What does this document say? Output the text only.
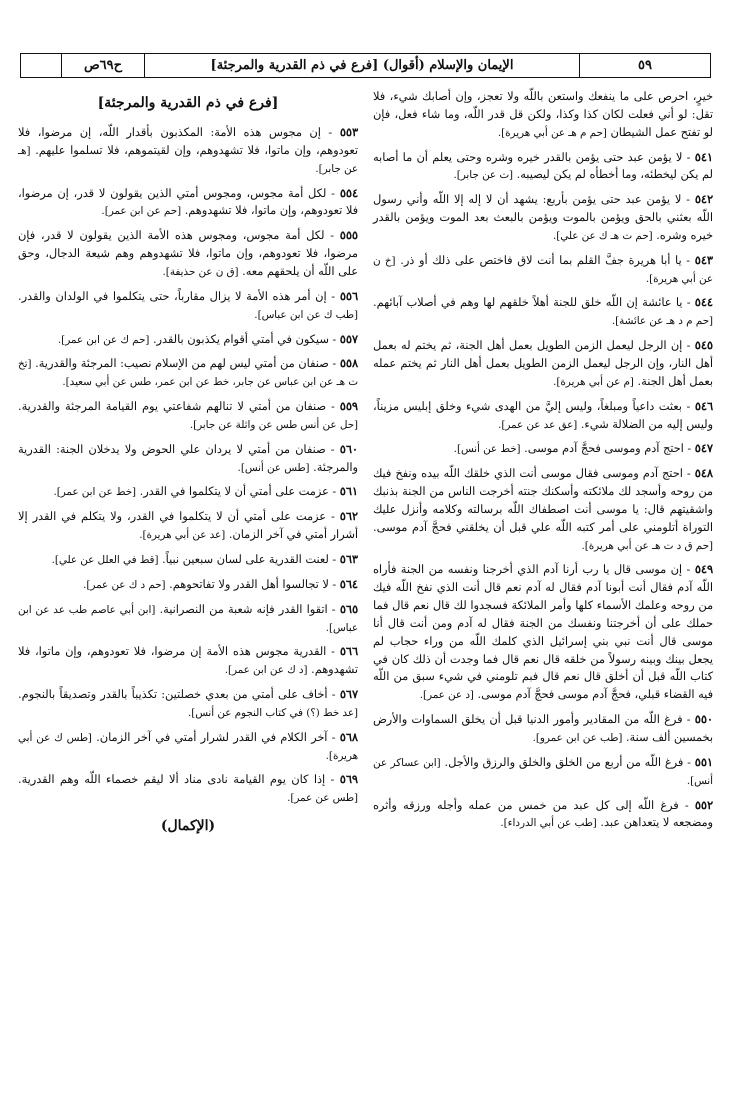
٥٩
الإيمان والإسلام (أقوال) [فرع في ذم القدرية والمرجئة]
ح٦٩ص

خيرٍ، احرص على ما ينفعك واستعن باللّه ولا تعجز، وإن أصابك شيء، فلا تقل: لو أني فعلت لكان كذا وكذا، ولكن قل قدر اللّه، وما شاء فعل، فإن لو تفتح عمل الشيطان [حم م هـ عن أبي هريرة].

٥٤١ - لا يؤمن عبد حتى يؤمن بالقدر خيره وشره وحتى يعلم أن ما أصابه لم يكن ليخطئه، وما أخطأه لم يكن ليصيبه. [ت عن جابر].

٥٤٢ - لا يؤمن عبد حتى يؤمن بأربع: يشهد أن لا إله إلا اللّه وأني رسول اللّه بعثني بالحق ويؤمن بالموت ويؤمن بالبعث بعد الموت ويؤمن بالقدر خيره وشره. [حم ت هـ ك عن علي].

٥٤٣ - يا أبا هريرة جفَّ القلم بما أنت لاق فاختص على ذلك أو ذر. [خ ن عن أبي هريرة].

٥٤٤ - يا عائشة إن اللّه خلق للجنة أهلاً خلقهم لها وهم في أصلاب آبائهم. [حم م د هـ عن عائشة].

٥٤٥ - إن الرجل ليعمل الزمن الطويل بعمل أهل الجنة، ثم يختم له بعمل أهل النار، وإن الرجل ليعمل الزمن الطويل بعمل أهل النار ثم يختم عمله بعمل أهل الجنة. [م عن أبي هريرة].

٥٤٦ - بعثت داعياً ومبلغاً، وليس إليَّ من الهدى شيء وخلق إبليس مزيناً، وليس إليه من الضلالة شيء. [عق عد عن عمر].

٥٤٧ - احتج آدم وموسى فحجَّ آدم موسى. [خط عن أنس].

٥٤٨ - احتج آدم وموسى فقال موسى أنت الذي خلقك اللّه بيده ونفخ فيك من روحه وأسجد لك ملائكته وأسكنك جنته أخرجت الناس من الجنة بذنبك واشقيتهم قال: يا موسى أنت اصطفاك اللّه برسالته وكلامه وأنزل عليك التوراة أتلومني على أمر كتبه اللّه علي قبل أن يخلقني فحجَّ آدم موسى. [حم ق د ت هـ عن أبي هريرة].

٥٤٩ - إن موسى قال يا رب أرنا آدم الذي أخرجنا ونفسه من الجنة فأراه اللّه آدم فقال أنت أبونا آدم فقال له آدم نعم قال أنت الذي نفخ اللّه فيك من روحه وعلمك الأسماء كلها وأمر الملائكة فسجدوا لك قال نعم قال فما حملك على أن أخرجتنا ونفسك من الجنة فقال له آدم ومن أنت قال أنا موسى قال أنت نبي بني إسرائيل الذي كلمك اللّه من وراء حجاب لم يجعل بينك وبينه رسولاً من خلقه قال نعم قال فما وجدت أن ذلك كان في كتاب اللّه قبل أن أخلق قال نعم قال فبم تلومني في شيء سبق من اللّه فيه القضاء قبلي، فحجَّ آدم موسى فحجَّ آدم موسى. [د عن عمر].

٥٥٠ - فرغ اللّه من المقادير وأمور الدنيا قبل أن يخلق السماوات والأرض بخمسين ألف سنة. [طب عن ابن عمرو].

٥٥١ - فرغ اللّه من أربع من الخلق والخلق والرزق والأجل. [ابن عساكر عن أنس].

٥٥٢ - فرغ اللّه إلى كل عبد من خمس من عمله وأجله ورزقه وأثره ومضجعه لا يتعداهن عبد. [طب عن أبي الدرداء].

[فرع في ذم القدرية والمرجئة]

٥٥٣ - إن مجوس هذه الأمة: المكذبون بأقدار اللّه، إن مرضوا، فلا تعودوهم، وإن ماتوا، فلا تشهدوهم، وإن لقيتموهم، فلا تسلموا عليهم. [هـ عن جابر].

٥٥٤ - لكل أمة مجوس، ومجوس أمتي الذين يقولون لا قدر، إن مرضوا، فلا تعودوهم، وإن ماتوا، فلا تشهدوهم. [حم عن ابن عمر].

٥٥٥ - لكل أمة مجوس، ومجوس هذه الأمة الذين يقولون لا قدر، فإن مرضوا، فلا تعودوهم، وإن ماتوا، فلا تشهدوهم وهم شيعة الدجال، وحق على اللّه أن يلحقهم معه. [ق ن عن حذيفة].

٥٥٦ - إن أمر هذه الأمة لا يزال مقارباً، حتى يتكلموا في الولدان والقدر. [طب ك عن ابن عباس].

٥٥٧ - سيكون في أمتي أقوام يكذبون بالقدر. [حم ك عن ابن عمر].

٥٥٨ - صنفان من أمتي ليس لهم من الإسلام نصيب: المرجئة والقدرية. [تخ ت هـ عن ابن عباس عن جابر، خط عن ابن عمر، طس عن أبي سعيد].

٥٥٩ - صنفان من أمتي لا تنالهم شفاعتي يوم القيامة المرجئة والقدرية. [حل عن أنس طس عن واثلة عن جابر].

٥٦٠ - صنفان من أمتي لا يردان علي الحوض ولا يدخلان الجنة: القدرية والمرجئة. [طس عن أنس].

٥٦١ - عزمت على أمتي أن لا يتكلموا في القدر. [خط عن ابن عمر].

٥٦٢ - عزمت على أمتي أن لا يتكلموا في القدر، ولا يتكلم في القدر إلا أشرار أمتي في آخر الزمان. [عد عن أبي هريرة].

٥٦٣ - لعنت القدرية على لسان سبعين نبياً. [قط في العلل عن علي].

٥٦٤ - لا تجالسوا أهل القدر ولا تفاتحوهم. [حم د ك عن عمر].

٥٦٥ - اتقوا القدر فإنه شعبة من النصرانية. [ابن أبي عاصم طب عد عن ابن عباس].

٥٦٦ - القدرية مجوس هذه الأمة إن مرضوا، فلا تعودوهم، وإن ماتوا، فلا تشهدوهم. [د ك عن ابن عمر].

٥٦٧ - أخاف على أمتي من بعدي خصلتين: تكذيباً بالقدر وتصديقاً بالنجوم. [عد خط (؟) في كتاب النجوم عن أنس].

٥٦٨ - آخر الكلام في القدر لشرار أمتي في آخر الزمان. [طس ك عن أبي هريرة].

٥٦٩ - إذا كان يوم القيامة نادى مناد ألا ليقم خصماء اللّه وهم القدرية. [طس عن عمر].

(الإكمال)
